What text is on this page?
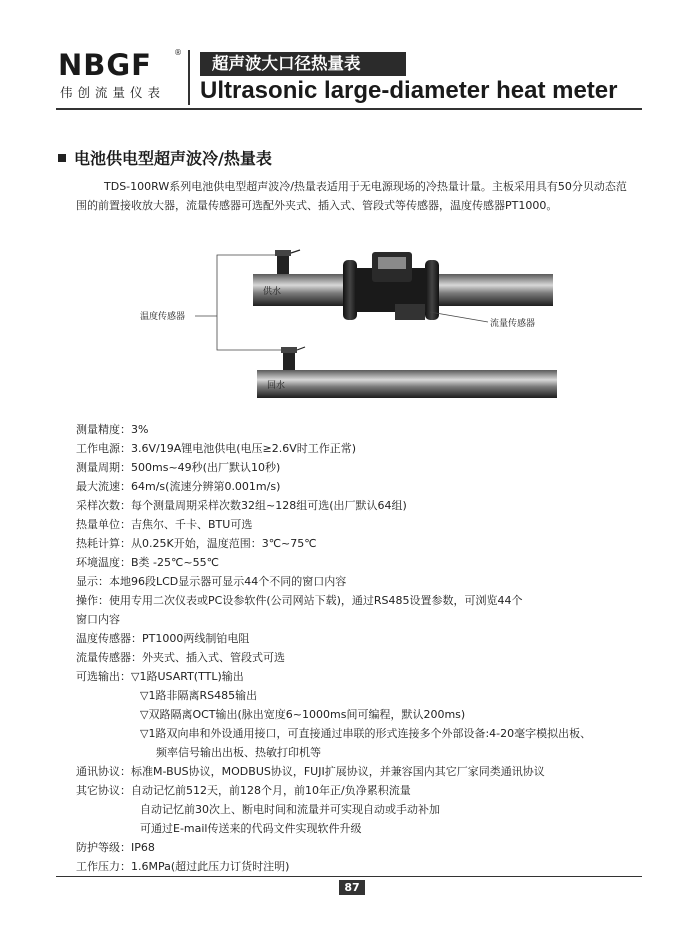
NBGF	®
伟创流量仪表
超声波大口径热量表
Ultrasonic large-diameter heat meter
电池供电型超声波冷/热量表
TDS-100RW系列电池供电型超声波冷/热量表适用于无电源现场的冷热量计量。主板采用具有50分贝动态范围的前置接收放大器，流量传感器可选配外夹式、插入式、管段式等传感器，温度传感器PT1000。
供水
回水
温度传感器
流量传感器
测量精度：3%
工作电源：3.6V/19A锂电池供电(电压≥2.6V时工作正常)
测量周期：500ms~49秒(出厂默认10秒)
最大流速：64m/s(流速分辨第0.001m/s)
采样次数：每个测量周期采样次数32组~128组可选(出厂默认64组)
热量单位：吉焦尔、千卡、BTU可选
热耗计算：从0.25K开始，温度范围：3℃~75℃
环境温度：B类 -25℃~55℃
显示：本地96段LCD显示器可显示44个不同的窗口内容
操作：使用专用二次仪表或PC设参软件(公司网站下载)，通过RS485设置参数，可浏览44个
窗口内容
温度传感器：PT1000两线制铂电阻
流量传感器：外夹式、插入式、管段式可选
可选输出：▽1路USART(TTL)输出
▽1路非隔离RS485输出
▽双路隔离OCT输出(脉出宽度6~1000ms间可编程，默认200ms)
▽1路双向串和外设通用接口，可直接通过串联的形式连接多个外部设备:4-20毫字模拟出板、
频率信号输出出板、热敏打印机等
通讯协议：标准M-BUS协议，MODBUS协议，FUJI扩展协议，并兼容国内其它厂家同类通讯协议
其它协议：自动记忆前512天，前128个月，前10年正/负净累积流量
自动记忆前30次上、断电时间和流量并可实现自动或手动补加
可通过E-mail传送来的代码文件实现软件升级
防护等级：IP68
工作压力：1.6MPa(超过此压力订货时注明)
87
